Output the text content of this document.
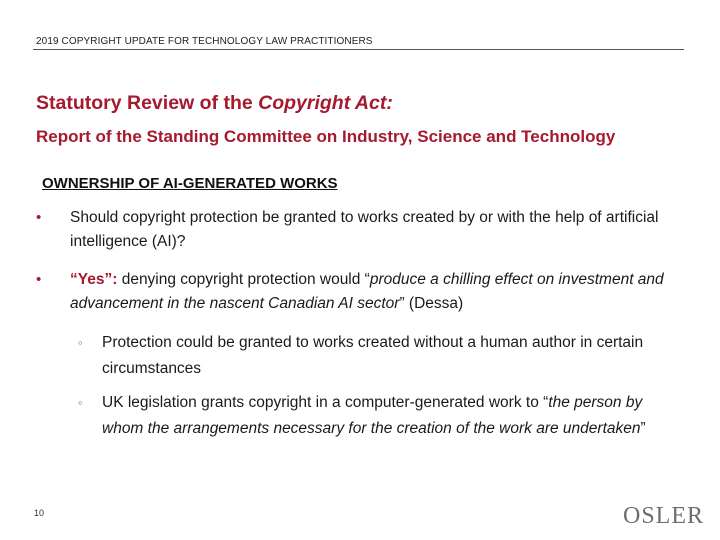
2019 COPYRIGHT UPDATE FOR TECHNOLOGY LAW PRACTITIONERS
Statutory Review of the Copyright Act:
Report of the Standing Committee on Industry, Science and Technology
OWNERSHIP OF AI-GENERATED WORKS
• Should copyright protection be granted to works created by or with the help of artificial intelligence (AI)?
• “Yes”: denying copyright protection would “produce a chilling effect on investment and advancement in the nascent Canadian AI sector” (Dessa)
◦ Protection could be granted to works created without a human author in certain circumstances
◦ UK legislation grants copyright in a computer-generated work to “the person by whom the arrangements necessary for the creation of the work are undertaken”
10	OSLER
